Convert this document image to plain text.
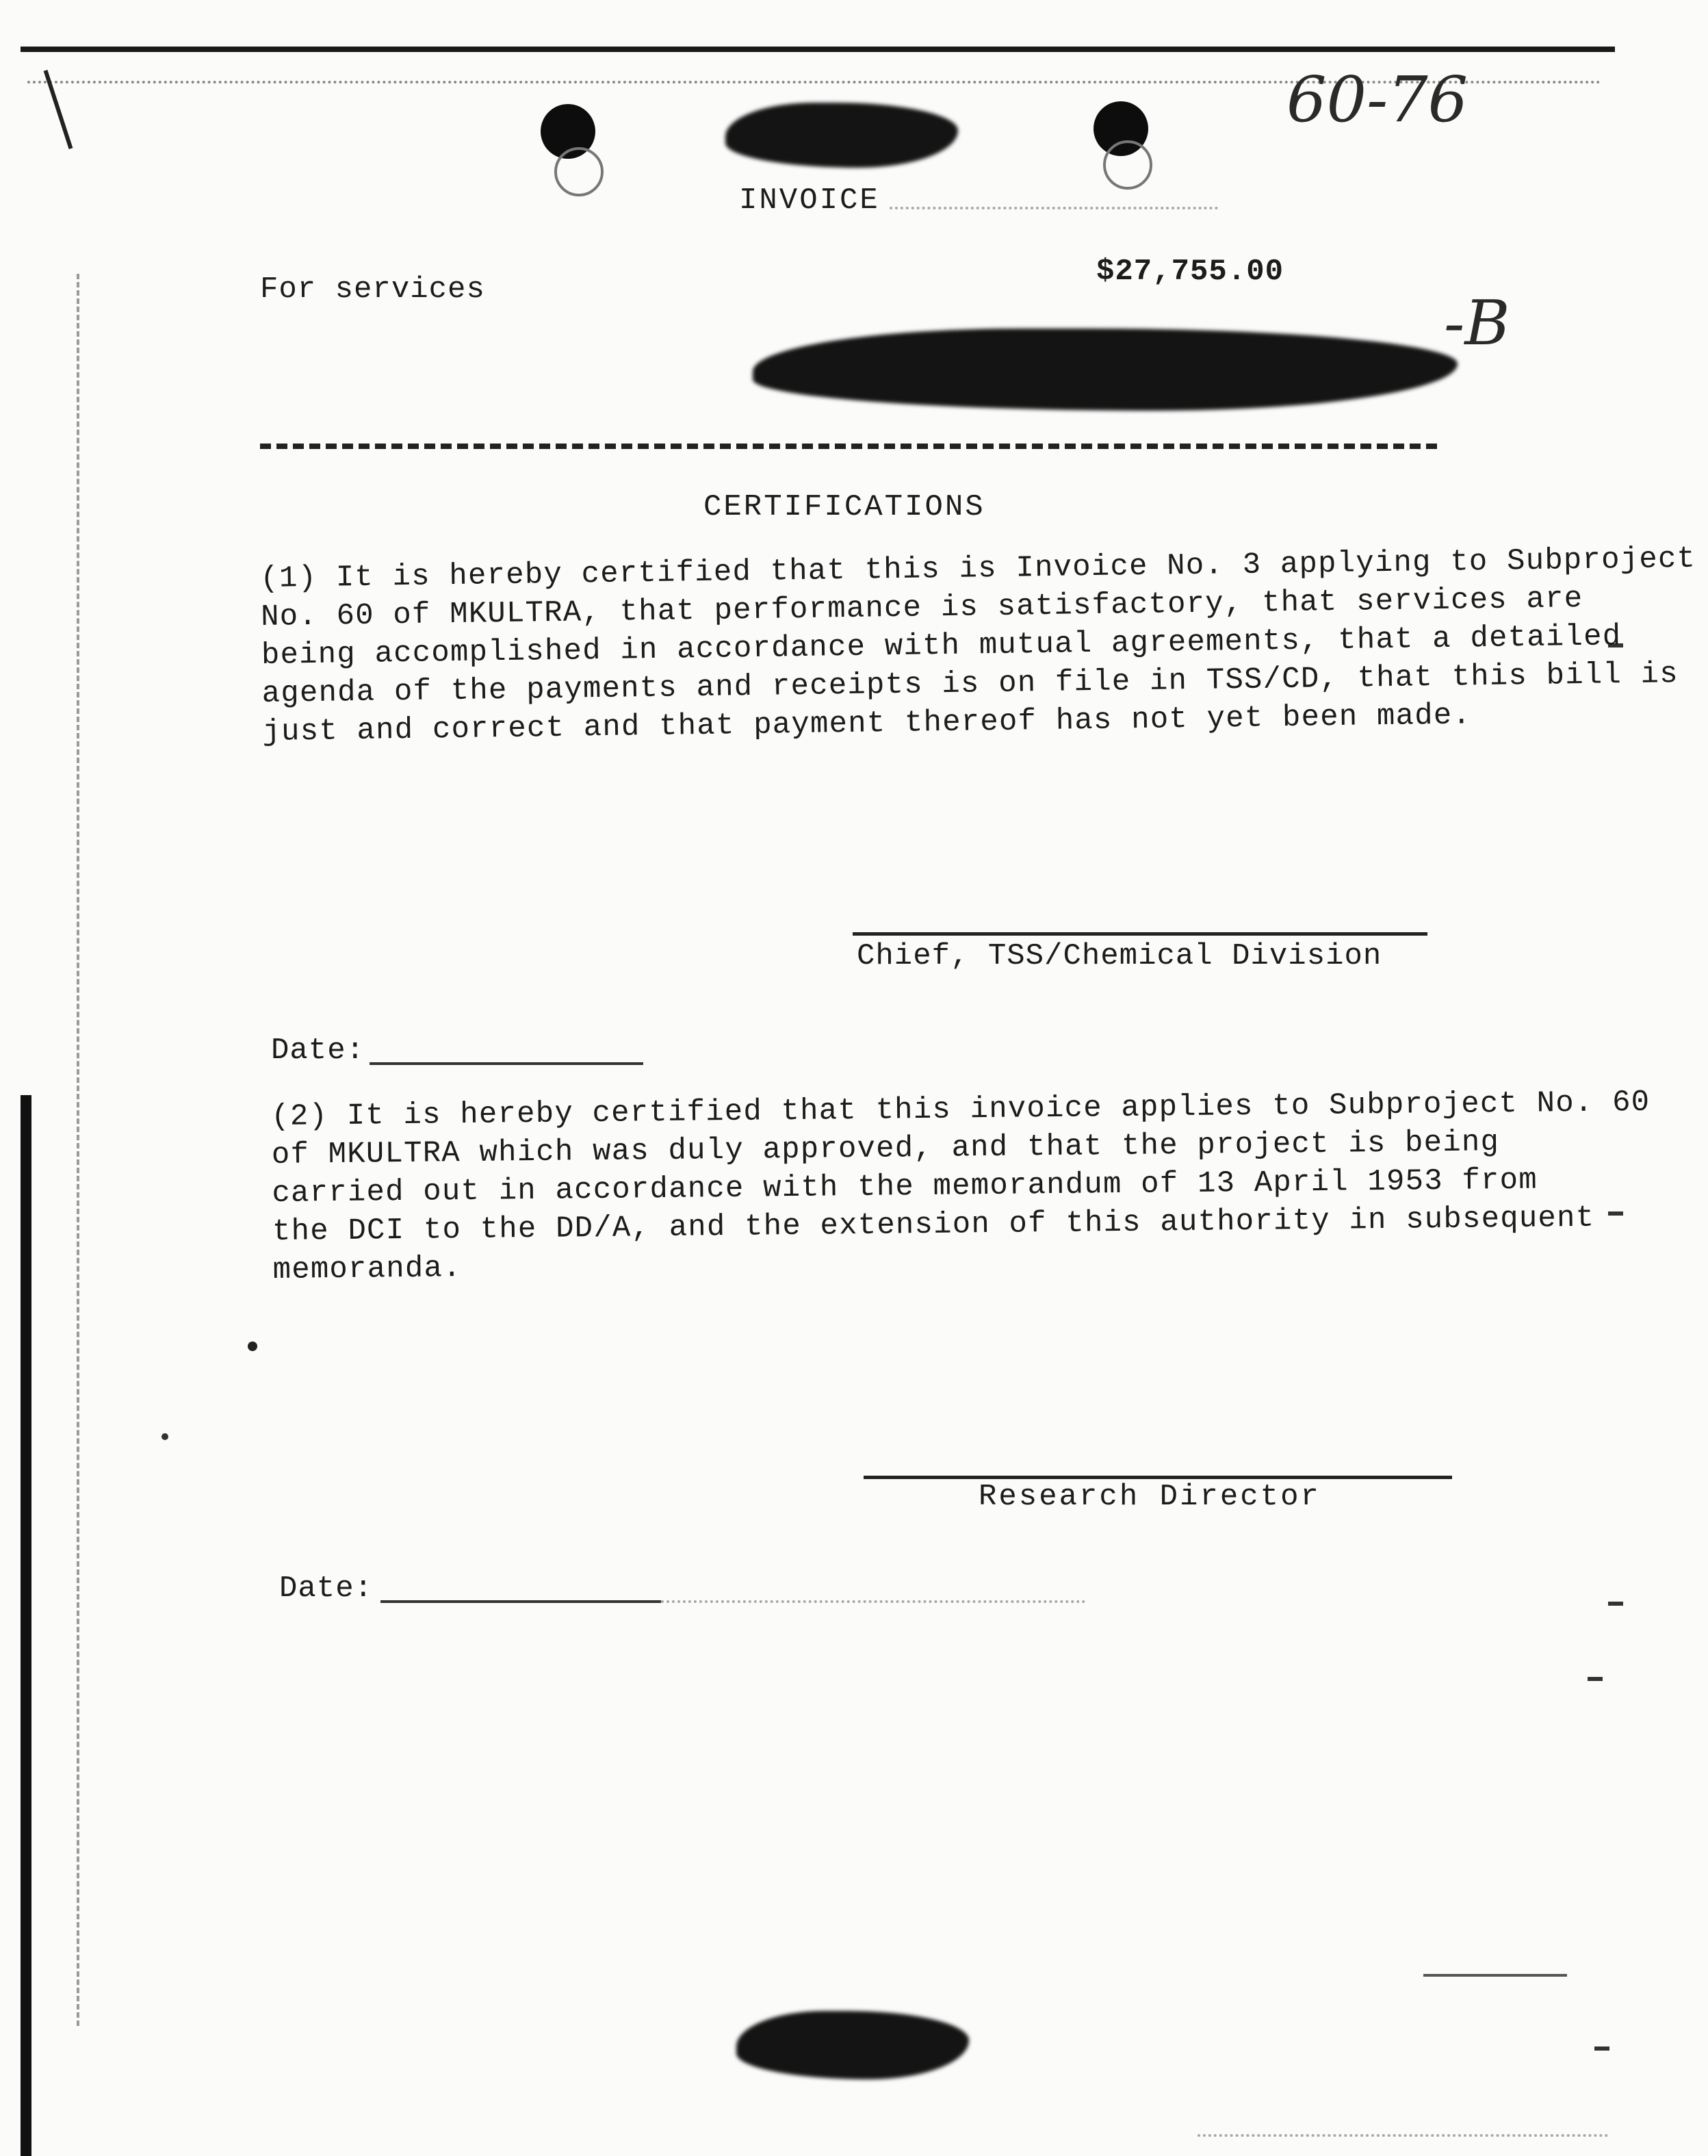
60-76
INVOICE
For services
$27,755.00
-B
CERTIFICATIONS
(1) It is hereby certified that this is Invoice No. 3 applying to Subproject
No. 60 of MKULTRA, that performance is satisfactory, that services are
being accomplished in accordance with mutual agreements, that a detailed
agenda of the payments and receipts is on file in TSS/CD, that this bill is
just and correct and that payment thereof has not yet been made.
Chief, TSS/Chemical Division
Date:
(2) It is hereby certified that this invoice applies to Subproject No. 60
of MKULTRA which was duly approved, and that the project is being
carried out in accordance with the memorandum of 13 April 1953 from
the DCI to the DD/A, and the extension of this authority in subsequent
memoranda.
Research Director
Date:
